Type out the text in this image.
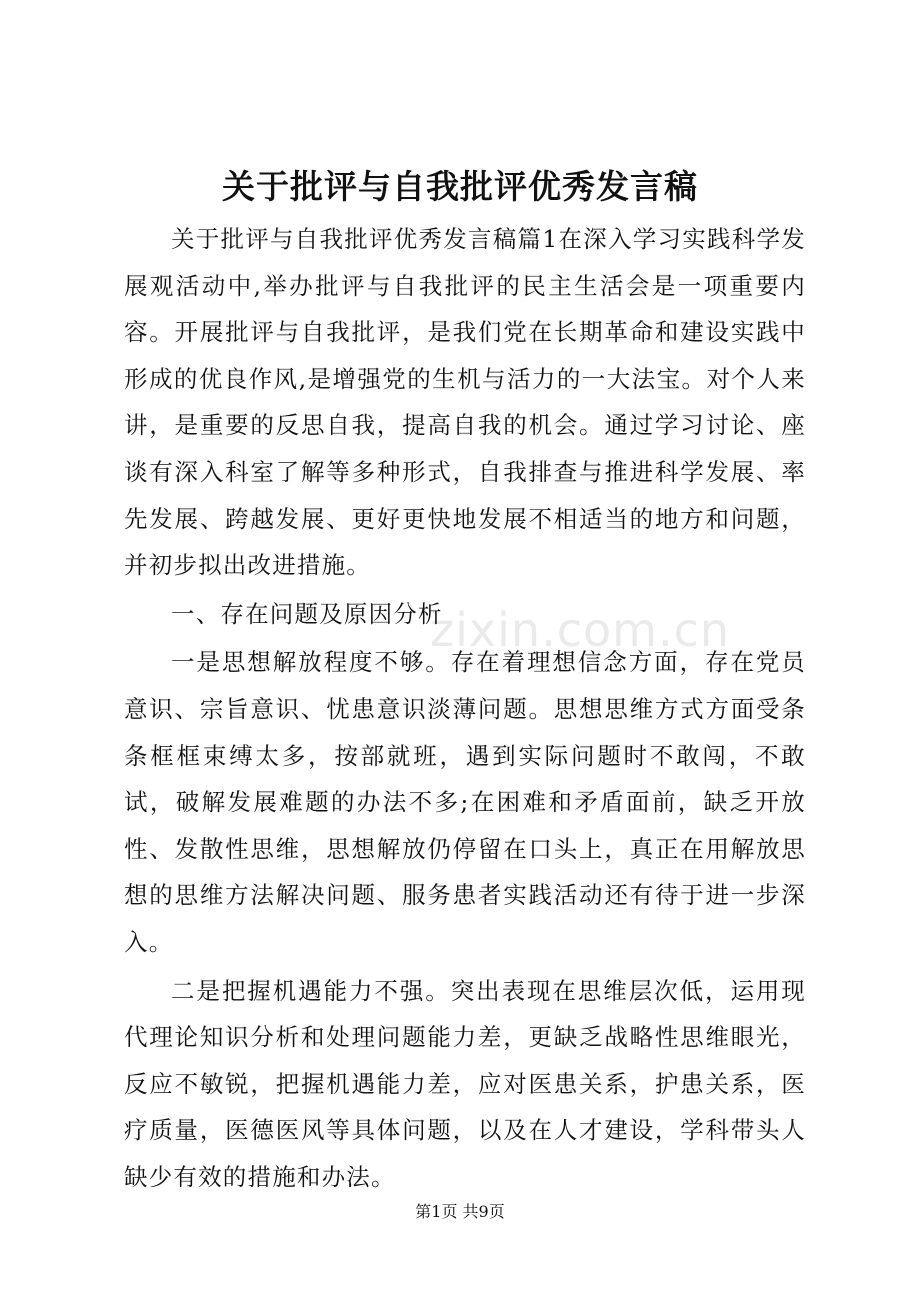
关于批评与自我批评优秀发言稿
zixin.com.cn

关于批评与自我批评优秀发言稿篇1在深入学习实践科学发展观活动中,举办批评与自我批评的民主生活会是一项重要内容。开展批评与自我批评，是我们党在长期革命和建设实践中形成的优良作风,是增强党的生机与活力的一大法宝。对个人来讲，是重要的反思自我，提高自我的机会。通过学习讨论、座谈有深入科室了解等多种形式，自我排查与推进科学发展、率先发展、跨越发展、更好更快地发展不相适当的地方和问题，并初步拟出改进措施。

一、存在问题及原因分析

一是思想解放程度不够。存在着理想信念方面，存在党员意识、宗旨意识、忧患意识淡薄问题。思想思维方式方面受条条框框束缚太多，按部就班，遇到实际问题时不敢闯，不敢试，破解发展难题的办法不多;在困难和矛盾面前，缺乏开放性、发散性思维，思想解放仍停留在口头上，真正在用解放思想的思维方法解决问题、服务患者实践活动还有待于进一步深入。

二是把握机遇能力不强。突出表现在思维层次低，运用现代理论知识分析和处理问题能力差，更缺乏战略性思维眼光，反应不敏锐，把握机遇能力差，应对医患关系，护患关系，医疗质量，医德医风等具体问题，以及在人才建设，学科带头人缺少有效的措施和办法。

第1页 共9页
